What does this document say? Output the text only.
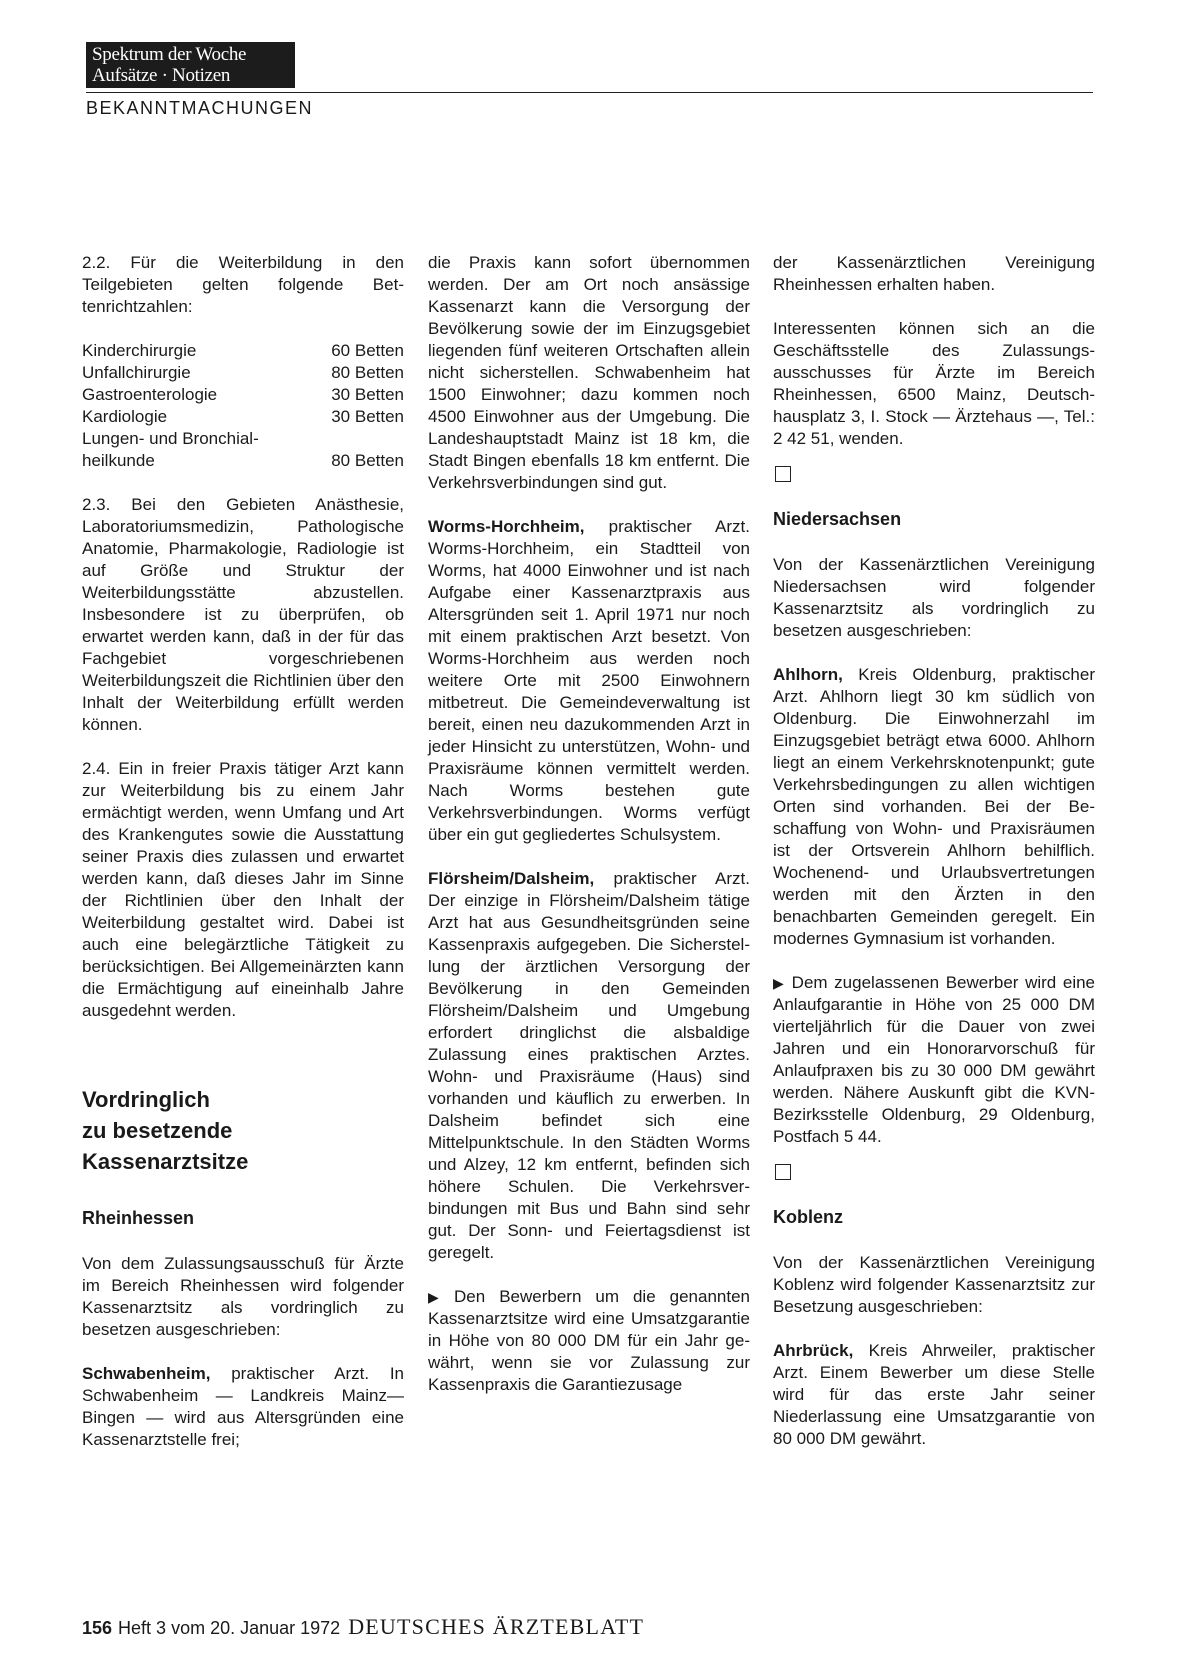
Spektrum der Woche
Aufsätze · Notizen
BEKANNTMACHUNGEN

2.2. Für die Weiterbildung in den Teilgebieten gelten folgende Bettenrichtzahlen:

Kinderchirurgie	60 Betten
Unfallchirurgie	80 Betten
Gastroenterologie	30 Betten
Kardiologie	30 Betten
Lungen- und Bronchialheilkunde	80 Betten

2.3. Bei den Gebieten Anästhesie, Laboratoriumsmedizin, Pathologische Anatomie, Pharmakologie, Radiologie ist auf Größe und Struktur der Weiterbildungsstätte abzustellen. Insbesondere ist zu überprüfen, ob erwartet werden kann, daß in der für das Fachgebiet vorgeschriebenen Weiterbildungszeit die Richtlinien über den Inhalt der Weiterbildung erfüllt werden können.

2.4. Ein in freier Praxis tätiger Arzt kann zur Weiterbildung bis zu einem Jahr ermächtigt werden, wenn Umfang und Art des Krankengutes sowie die Ausstattung seiner Praxis dies zulassen und erwartet werden kann, daß dieses Jahr im Sinne der Richtlinien über den Inhalt der Weiterbildung gestaltet wird. Dabei ist auch eine belegärztliche Tätigkeit zu berücksichtigen. Bei Allgemeinärzten kann die Ermächtigung auf eineinhalb Jahre ausgedehnt werden.

Vordringlich
zu besetzende
Kassenarztsitze
Rheinhessen

Von dem Zulassungsausschuß für Ärzte im Bereich Rheinhessen wird folgender Kassenarztsitz als vordringlich zu besetzen ausgeschrieben:

Schwabenheim, praktischer Arzt. In Schwabenheim — Landkreis Mainz—Bingen — wird aus Altersgründen eine Kassenarztstelle frei;

die Praxis kann sofort übernommen werden. Der am Ort noch ansässige Kassenarzt kann die Versorgung der Bevölkerung sowie der im Einzugsgebiet liegenden fünf weiteren Ortschaften allein nicht sicherstellen. Schwabenheim hat 1500 Einwohner; dazu kommen noch 4500 Einwohner aus der Umgebung. Die Landeshauptstadt Mainz ist 18 km, die Stadt Bingen ebenfalls 18 km entfernt. Die Verkehrsverbindungen sind gut.

Worms-Horchheim, praktischer Arzt. Worms-Horchheim, ein Stadtteil von Worms, hat 4000 Einwohner und ist nach Aufgabe einer Kassenarztpraxis aus Altersgründen seit 1. April 1971 nur noch mit einem praktischen Arzt besetzt. Von Worms-Horchheim aus werden noch weitere Orte mit 2500 Einwohnern mitbetreut. Die Gemeindeverwaltung ist bereit, einen neu dazukommenden Arzt in jeder Hinsicht zu unterstützen, Wohn- und Praxisräume können vermittelt werden. Nach Worms bestehen gute Verkehrsverbindungen. Worms verfügt über ein gut gegliedertes Schulsystem.

Flörsheim/Dalsheim, praktischer Arzt. Der einzige in Flörsheim/Dalsheim tätige Arzt hat aus Gesundheitsgründen seine Kassenpraxis aufgegeben. Die Sicherstellung der ärztlichen Versorgung der Bevölkerung in den Gemeinden Flörsheim/Dalsheim und Umgebung erfordert dringlichst die alsbaldige Zulassung eines praktischen Arztes. Wohn- und Praxisräume (Haus) sind vorhanden und käuflich zu erwerben. In Dalsheim befindet sich eine Mittelpunktschule. In den Städten Worms und Alzey, 12 km entfernt, befinden sich höhere Schulen. Die Verkehrsverbindungen mit Bus und Bahn sind sehr gut. Der Sonn- und Feiertagsdienst ist geregelt.

▶ Den Bewerbern um die genannten Kassenarztsitze wird eine Umsatzgarantie in Höhe von 80 000 DM für ein Jahr gewährt, wenn sie vor Zulassung zur Kassenpraxis die Garantiezusage

der Kassenärztlichen Vereinigung Rheinhessen erhalten haben.

Interessenten können sich an die Geschäftsstelle des Zulassungsausschusses für Ärzte im Bereich Rheinhessen, 6500 Mainz, Deutschhausplatz 3, I. Stock — Ärztehaus —, Tel.: 2 42 51, wenden.

Niedersachsen

Von der Kassenärztlichen Vereinigung Niedersachsen wird folgender Kassenarztsitz als vordringlich zu besetzen ausgeschrieben:

Ahlhorn, Kreis Oldenburg, praktischer Arzt. Ahlhorn liegt 30 km südlich von Oldenburg. Die Einwohnerzahl im Einzugsgebiet beträgt etwa 6000. Ahlhorn liegt an einem Verkehrsknotenpunkt; gute Verkehrsbedingungen zu allen wichtigen Orten sind vorhanden. Bei der Beschaffung von Wohn- und Praxisräumen ist der Ortsverein Ahlhorn behilflich. Wochenend- und Urlaubsvertretungen werden mit den Ärzten in den benachbarten Gemeinden geregelt. Ein modernes Gymnasium ist vorhanden.

▶ Dem zugelassenen Bewerber wird eine Anlaufgarantie in Höhe von 25 000 DM vierteljährlich für die Dauer von zwei Jahren und ein Honorarvorschuß für Anlaufpraxen bis zu 30 000 DM gewährt werden. Nähere Auskunft gibt die KVN-Bezirksstelle Oldenburg, 29 Oldenburg, Postfach 5 44.

Koblenz

Von der Kassenärztlichen Vereinigung Koblenz wird folgender Kassenarztsitz zur Besetzung ausgeschrieben:

Ahrbrück, Kreis Ahrweiler, praktischer Arzt. Einem Bewerber um diese Stelle wird für das erste Jahr seiner Niederlassung eine Umsatzgarantie von 80 000 DM gewährt.

156 Heft 3 vom 20. Januar 1972 DEUTSCHES ÄRZTEBLATT
